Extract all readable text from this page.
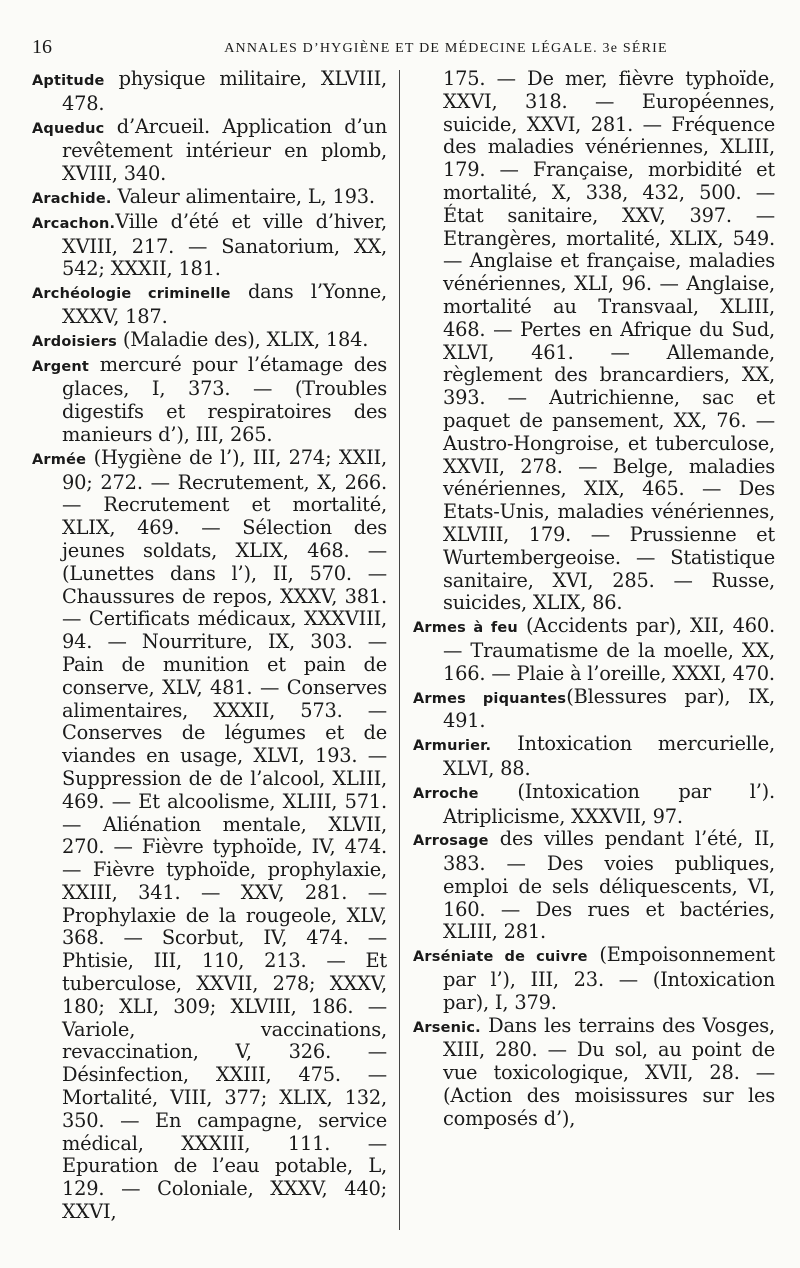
16	ANNALES D’HYGIÈNE ET DE MÉDECINE LÉGALE. 3e SÉRIE

Aptitude physique militaire, XLVIII, 478.

Aqueduc d’Arcueil. Application d’un revêtement intérieur en plomb, XVIII, 340.

Arachide. Valeur alimentaire, L, 193.

Arcachon.Ville d’été et ville d’hiver, XVIII, 217. — Sanatorium, XX, 542; XXXII, 181.

Archéologie criminelle dans l’Yonne, XXXV, 187.

Ardoisiers (Maladie des), XLIX, 184.

Argent mercuré pour l’étamage des glaces, I, 373. — (Troubles digestifs et respiratoires des manieurs d’), III, 265.

Armée (Hygiène de l’), III, 274; XXII, 90; 272. — Recrutement, X, 266. — Recrutement et mortalité, XLIX, 469. — Sélection des jeunes soldats, XLIX, 468. — (Lunettes dans l’), II, 570. — Chaussures de repos, XXXV, 381. — Certificats médicaux, XXXVIII, 94. — Nourriture, IX, 303. — Pain de munition et pain de conserve, XLV, 481. — Conserves alimentaires, XXXII, 573. — Conserves de légumes et de viandes en usage, XLVI, 193. — Suppression de de l’alcool, XLIII, 469. — Et alcoolisme, XLIII, 571. — Aliénation mentale, XLVII, 270. — Fièvre typhoïde, IV, 474. — Fièvre typhoïde, prophylaxie, XXIII, 341. — XXV, 281. — Prophylaxie de la rougeole, XLV, 368. — Scorbut, IV, 474. — Phtisie, III, 110, 213. — Et tuberculose, XXVII, 278; XXXV, 180; XLI, 309; XLVIII, 186. — Variole, vaccinations, revaccination, V, 326. — Désinfection, XXIII, 475. — Mortalité, VIII, 377; XLIX, 132, 350. — En campagne, service médical, XXXIII, 111. — Epuration de l’eau potable, L, 129. — Coloniale, XXXV, 440; XXVI,

175. — De mer, fièvre typhoïde, XXVI, 318. — Européennes, suicide, XXVI, 281. — Fréquence des maladies vénériennes, XLIII, 179. — Française, morbidité et mortalité, X, 338, 432, 500. — État sanitaire, XXV, 397. — Etrangères, mortalité, XLIX, 549. — Anglaise et française, maladies vénériennes, XLI, 96. — Anglaise, mortalité au Transvaal, XLIII, 468. — Pertes en Afrique du Sud, XLVI, 461. — Allemande, règlement des brancardiers, XX, 393. — Autrichienne, sac et paquet de pansement, XX, 76. — Austro-Hongroise, et tuberculose, XXVII, 278. — Belge, maladies vénériennes, XIX, 465. — Des Etats-Unis, maladies vénériennes, XLVIII, 179. — Prussienne et Wurtembergeoise. — Statistique sanitaire, XVI, 285. — Russe, suicides, XLIX, 86.

Armes à feu (Accidents par), XII, 460. — Traumatisme de la moelle, XX, 166. — Plaie à l’oreille, XXXI, 470.

Armes piquantes(Blessures par), IX, 491.

Armurier. Intoxication mercurielle, XLVI, 88.

Arroche (Intoxication par l’). Atriplicisme, XXXVII, 97.

Arrosage des villes pendant l’été, II, 383. — Des voies publiques, emploi de sels déliquescents, VI, 160. — Des rues et bactéries, XLIII, 281.

Arséniate de cuivre (Empoisonnement par l’), III, 23. — (Intoxication par), I, 379.

Arsenic. Dans les terrains des Vosges, XIII, 280. — Du sol, au point de vue toxicologique, XVII, 28. — (Action des moisissures sur les composés d’),
